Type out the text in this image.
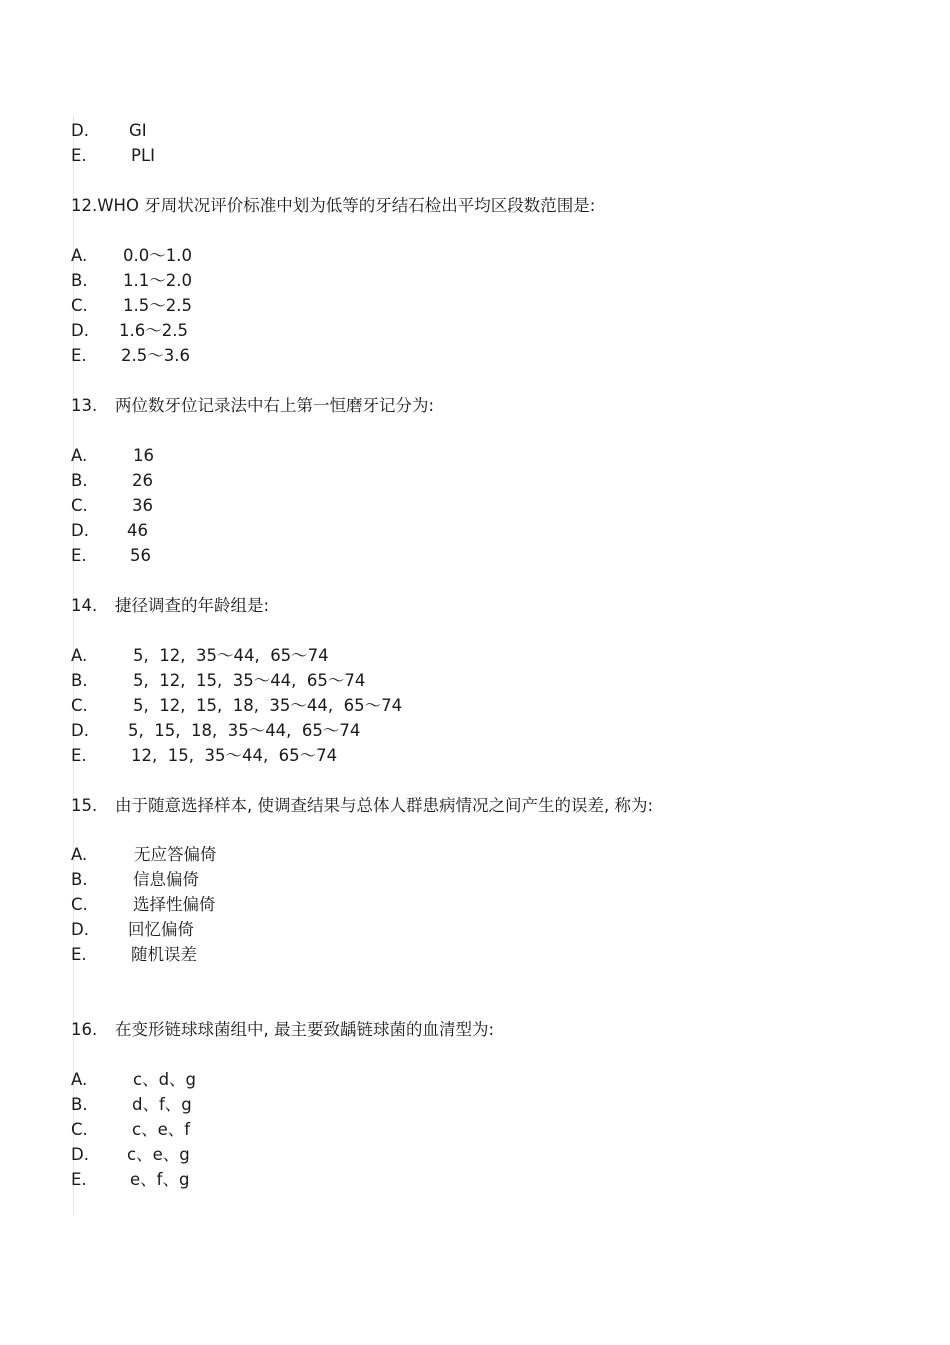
D. GI
E.	PLI
12.WHO 牙周状况评价标准中划为低等的牙结石检出平均区段数范围是:
A. 0.0～1.0
B. 1.1～2.0
C. 1.5～2.5
D. 1.6～2.5
E. 2.5～3.6
13. 两位数牙位记录法中右上第一恒磨牙记分为:
A.	16
B.	26
C.	36
D. 46
E.	56
14. 捷径调查的年龄组是:
A.	5,  12,  35～44,  65～74
B.	5,  12,  15,  35～44,  65～74
C.	5,  12,  15,  18,  35～44,  65～74
D. 5,  15,  18,  35～44,  65～74
E.	12,  15,  35～44,  65～74
15. 由于随意选择样本, 使调查结果与总体人群患病情况之间产生的误差, 称为:
A.	无应答偏倚
B.	信息偏倚
C.	选择性偏倚
D. 回忆偏倚
E.	随机误差
16. 在变形链球球菌组中, 最主要致龋链球菌的血清型为:
A.	c、d、g
B.	d、f、g
C.	c、e、f
D. c、e、g
E.	e、f、g
